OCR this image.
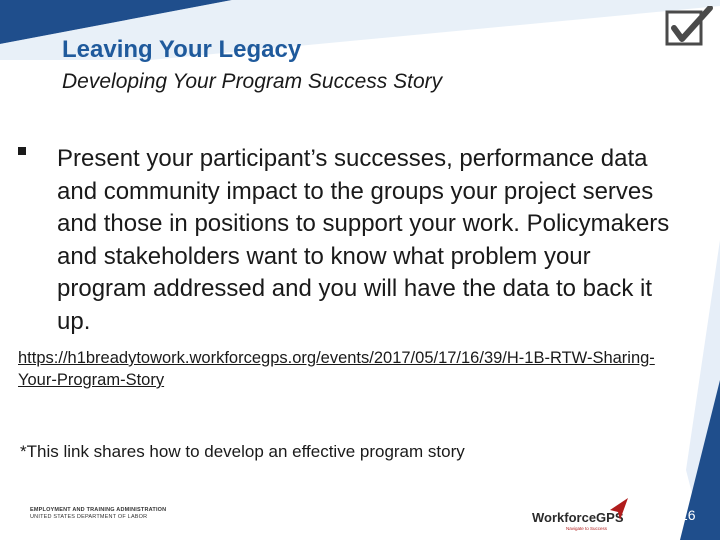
Leaving Your Legacy
Developing Your Program Success Story
Present your participant’s successes, performance data and community impact to the groups your project serves and those in positions to support your work. Policymakers and stakeholders want to know what problem your program addressed and you will have the data to back it up.
https://h1breadytowork.workforcegps.org/events/2017/05/17/16/39/H-1B-RTW-Sharing-Your-Program-Story
*This link shares how to develop an effective program story
EMPLOYMENT AND TRAINING ADMINISTRATION
UNITED STATES DEPARTMENT OF LABOR	WorkforceGPS
Navigate to Success
16
